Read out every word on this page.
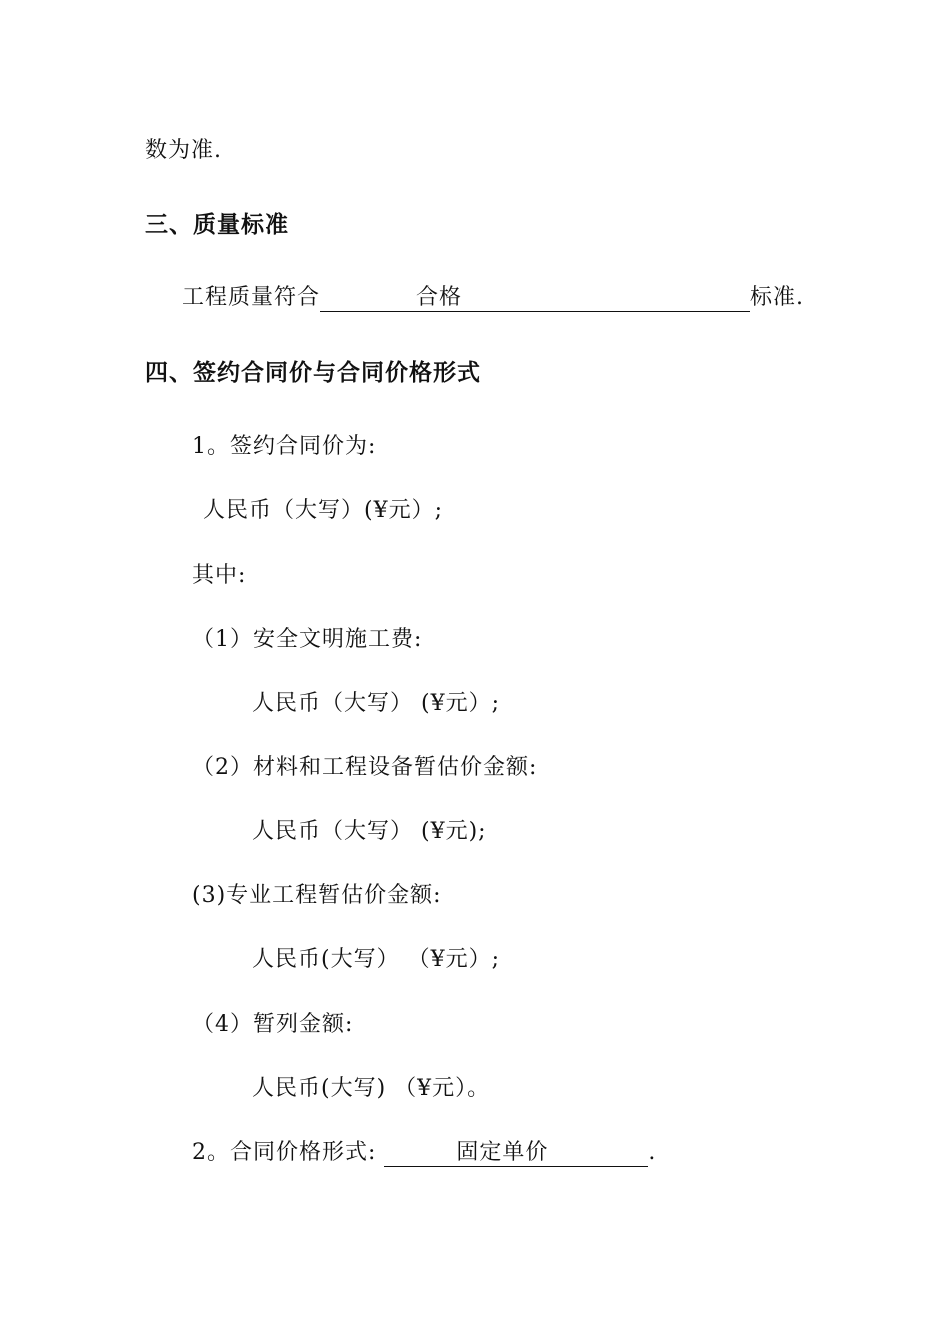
数为准.
三、质量标准
工程质量符合	合格	标准.
四、签约合同价与合同价格形式
1。签约合同价为:
人民币（大写）(¥元）;
其中:
（1）安全文明施工费:
人民币（大写） (¥元）;
（2）材料和工程设备暂估价金额:
人民币（大写） (¥元);
(3)专业工程暂估价金额:
人民币(大写） （¥元）;
（4）暂列金额:
人民币(大写) （¥元）。
2。合同价格形式:	固定单价	.
